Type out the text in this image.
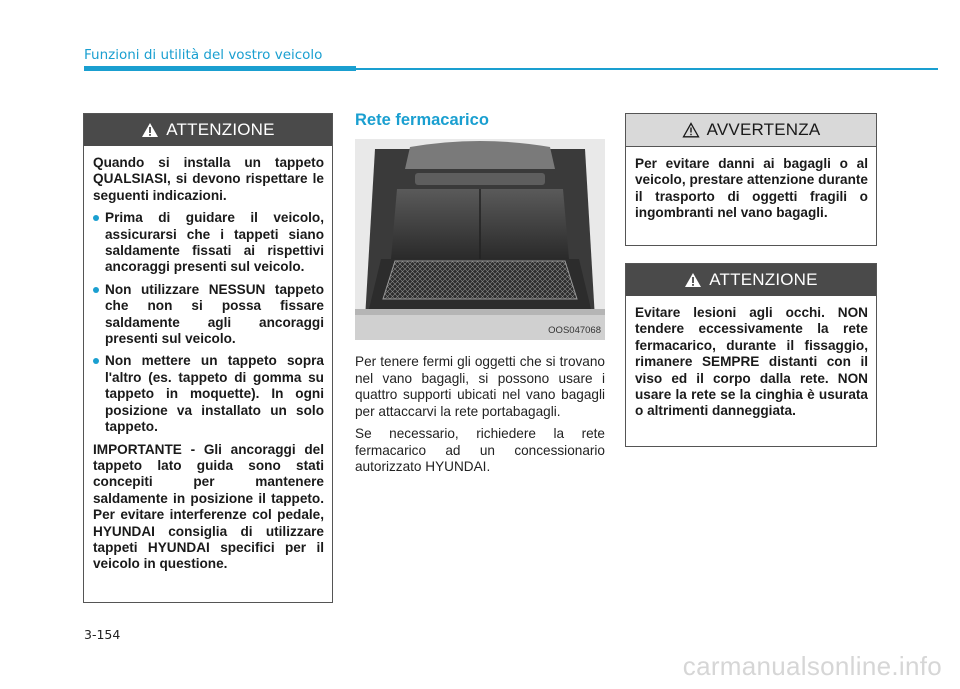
Funzioni di utilità del vostro veicolo
ATTENZIONE

Quando si installa un tappeto QUALSIASI, si devono rispettare le seguenti indicazioni.

Prima di guidare il veicolo, assicurarsi che i tappeti siano saldamente fissati ai rispettivi ancoraggi presenti sul veicolo.
Non utilizzare NESSUN tappeto che non si possa fissare saldamente agli ancoraggi presenti sul veicolo.
Non mettere un tappeto sopra l'altro (es. tappeto di gomma su tappeto in moquette). In ogni posizione va installato un solo tappeto.

IMPORTANTE - Gli ancoraggi del tappeto lato guida sono stati concepiti per mantenere saldamente in posizione il tappeto. Per evitare interferenze col pedale, HYUNDAI consiglia di utilizzare tappeti HYUNDAI specifici per il veicolo in questione.

Rete fermacarico
OOS047068

Per tenere fermi gli oggetti che si trovano nel vano bagagli, si possono usare i quattro supporti ubicati nel vano bagagli per attaccarvi la rete portabagagli.

Se necessario, richiedere la rete fermacarico ad un concessionario autorizzato HYUNDAI.

AVVERTENZA

Per evitare danni ai bagagli o al veicolo, prestare attenzione durante il trasporto di oggetti fragili o ingombranti nel vano bagagli.

ATTENZIONE

Evitare lesioni agli occhi. NON tendere eccessivamente la rete fermacarico, durante il fissaggio, rimanere SEMPRE distanti con il viso ed il corpo dalla rete. NON usare la rete se la cinghia è usurata o altrimenti danneggiata.

3-154
carmanualsonline.info
